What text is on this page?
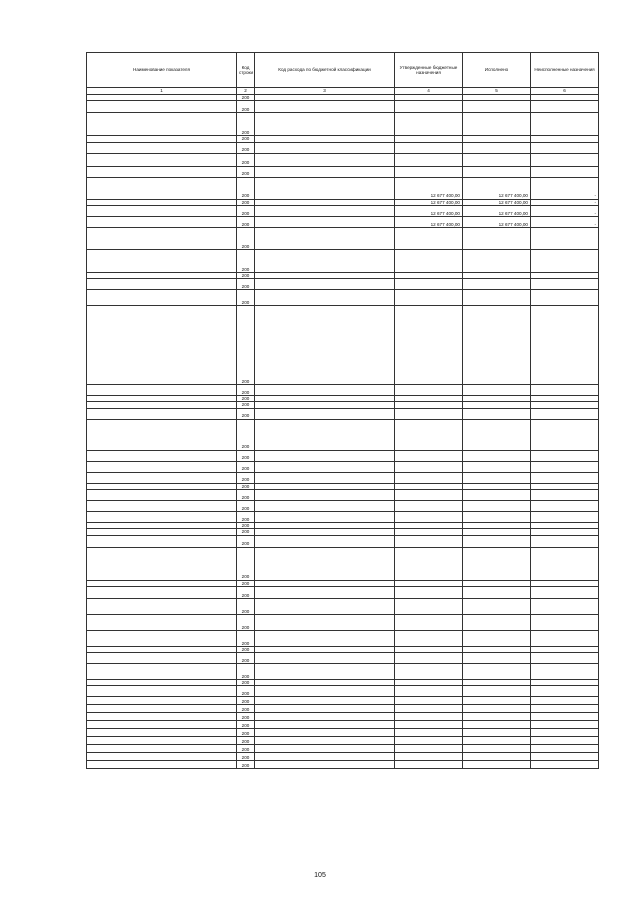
Наименование показателя	Код строки	Код расхода по бюджетной классификации	Утвержденные бюджетные назначения	Исполнено	Неисполненные назначения
1	2	3	4	5	6
	200				
	200				
	200				
	200				
	200				
	200				
	200				
	200		12 677 400,00	12 677 400,00	-
	200		12 677 400,00	12 677 400,00	-
	200		12 677 400,00	12 677 400,00	-
	200		12 677 400,00	12 677 400,00	-
	200				
	200				
	200				
	200				
	200				
	200				
	200				
	200				
	200				
	200				
	200				
	200				
	200				
	200				
	200				
	200				
	200				
	200				
	200				
	200				
	200				
	200				
	200				
	200				
	200				
	200				
	200				
	200				
	200				
	200				
	200				
	200				
	200				
	200				
	200				
	200				
	200				
	200				
	200				
	200				
	200				
105
